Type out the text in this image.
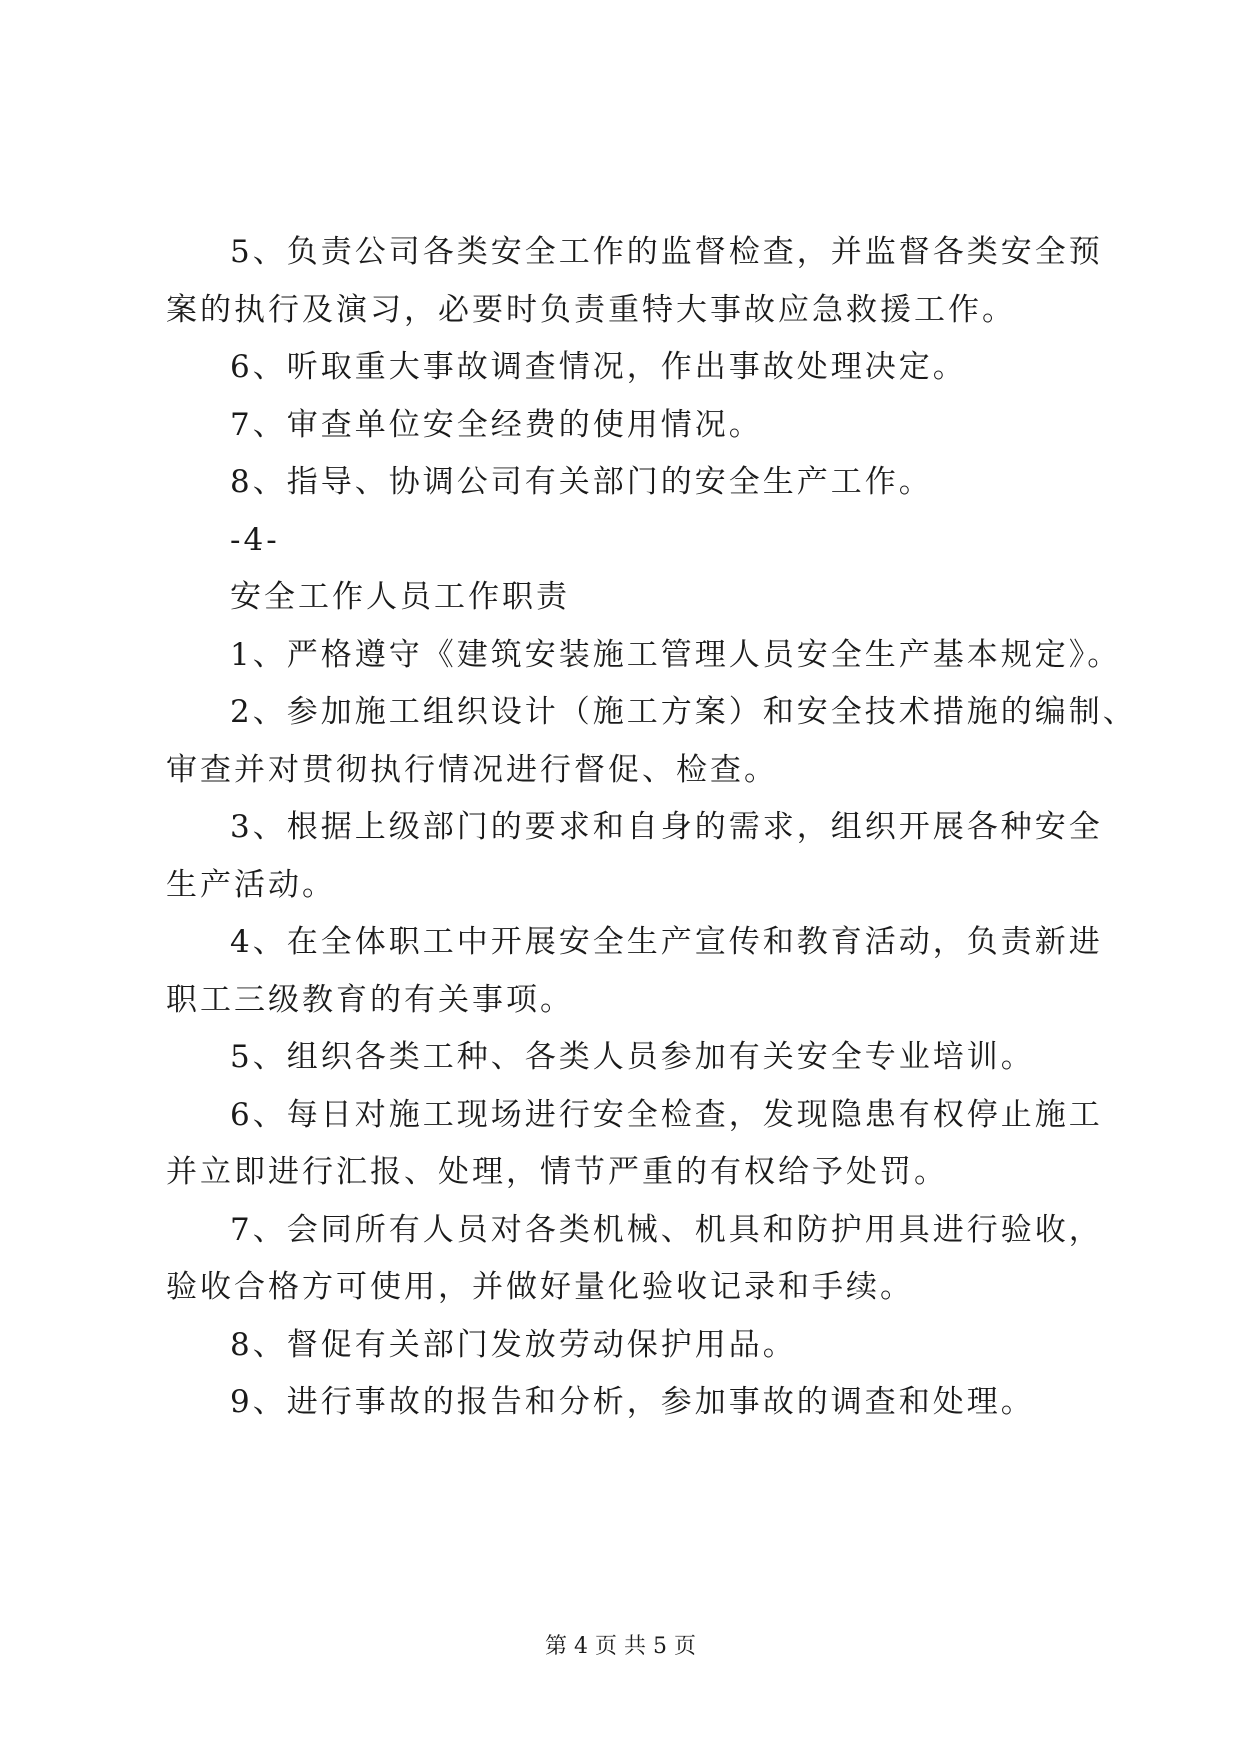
5、负责公司各类安全工作的监督检查，并监督各类安全预
案的执行及演习，必要时负责重特大事故应急救援工作。
6、听取重大事故调查情况，作出事故处理决定。
7、审查单位安全经费的使用情况。
8、指导、协调公司有关部门的安全生产工作。
-4-
安全工作人员工作职责
1、严格遵守《建筑安装施工管理人员安全生产基本规定》。
2、参加施工组织设计（施工方案）和安全技术措施的编制、
审查并对贯彻执行情况进行督促、检查。
3、根据上级部门的要求和自身的需求，组织开展各种安全
生产活动。
4、在全体职工中开展安全生产宣传和教育活动，负责新进
职工三级教育的有关事项。
5、组织各类工种、各类人员参加有关安全专业培训。
6、每日对施工现场进行安全检查，发现隐患有权停止施工
并立即进行汇报、处理，情节严重的有权给予处罚。
7、会同所有人员对各类机械、机具和防护用具进行验收，
验收合格方可使用，并做好量化验收记录和手续。
8、督促有关部门发放劳动保护用品。
9、进行事故的报告和分析，参加事故的调查和处理。
第 4 页 共 5 页
